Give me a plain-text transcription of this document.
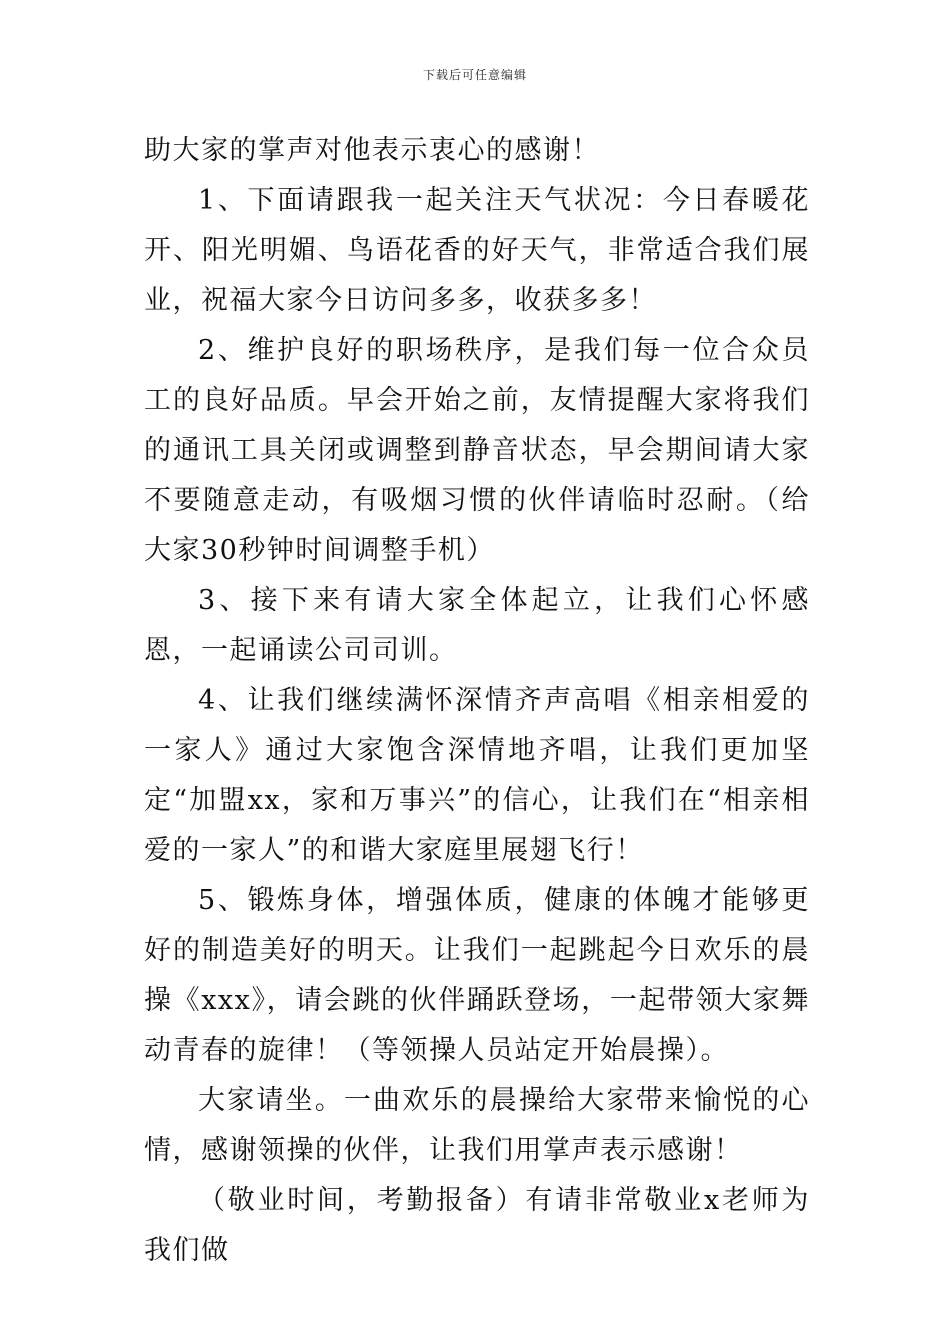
下载后可任意编辑

助大家的掌声对他表示衷心的感谢！

1、下面请跟我一起关注天气状况：今日春暖花开、阳光明媚、鸟语花香的好天气，非常适合我们展业，祝福大家今日访问多多，收获多多！

2、维护良好的职场秩序，是我们每一位合众员工的良好品质。早会开始之前，友情提醒大家将我们的通讯工具关闭或调整到静音状态，早会期间请大家不要随意走动，有吸烟习惯的伙伴请临时忍耐。（给大家30秒钟时间调整手机）

3、接下来有请大家全体起立，让我们心怀感恩，一起诵读公司司训。

4、让我们继续满怀深情齐声高唱《相亲相爱的一家人》通过大家饱含深情地齐唱，让我们更加坚定“加盟xx，家和万事兴”的信心，让我们在“相亲相爱的一家人”的和谐大家庭里展翅飞行！

5、锻炼身体，增强体质，健康的体魄才能够更好的制造美好的明天。让我们一起跳起今日欢乐的晨操《xxx》，请会跳的伙伴踊跃登场，一起带领大家舞动青春的旋律！（等领操人员站定开始晨操）。

大家请坐。一曲欢乐的晨操给大家带来愉悦的心情，感谢领操的伙伴，让我们用掌声表示感谢！

（敬业时间，考勤报备）有请非常敬业x老师为我们做
